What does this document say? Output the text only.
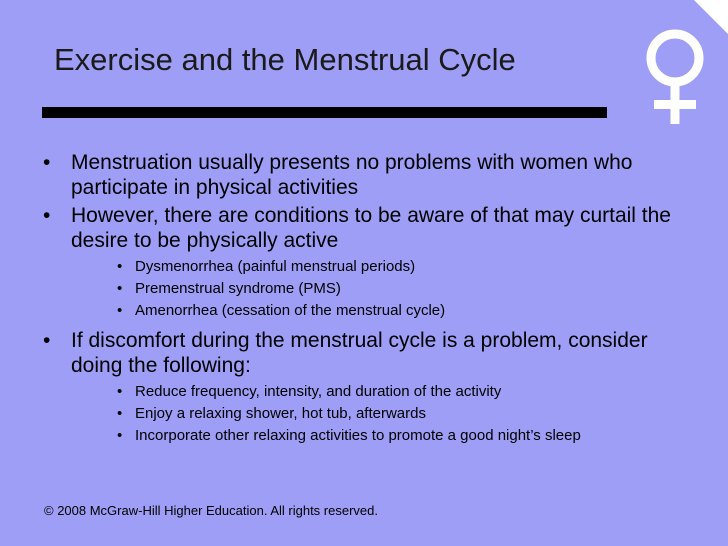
Exercise and the Menstrual Cycle
• Menstruation usually presents no problems with women who participate in physical activities
• However, there are conditions to be aware of that may curtail the desire to be physically active
• Dysmenorrhea (painful menstrual periods)
• Premenstrual syndrome (PMS)
• Amenorrhea (cessation of the menstrual cycle)
• If discomfort during the menstrual cycle is a problem, consider doing the following:
• Reduce frequency, intensity, and duration of the activity
• Enjoy a relaxing shower, hot tub, afterwards
• Incorporate other relaxing activities to promote a good night’s sleep
© 2008 McGraw-Hill Higher Education. All rights reserved.
